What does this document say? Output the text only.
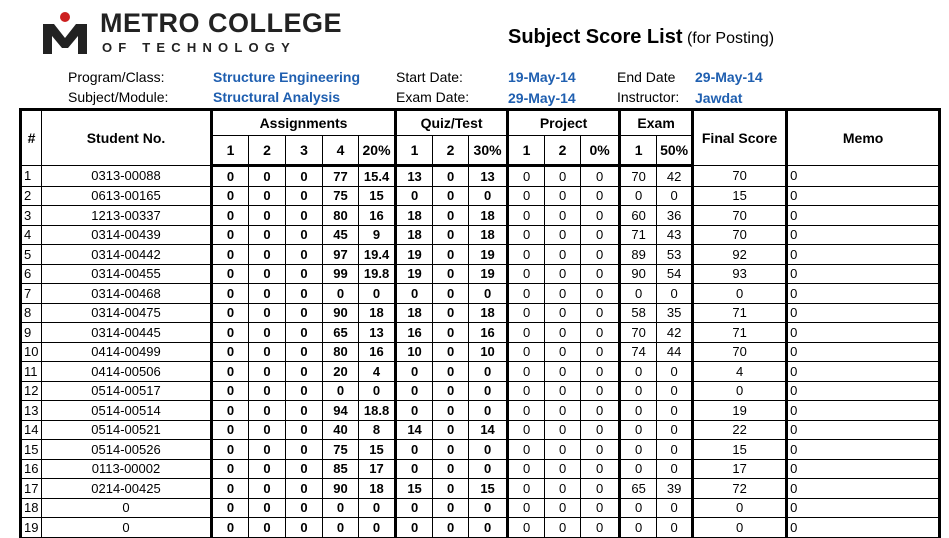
METRO COLLEGE
OF TECHNOLOGY	Subject Score List (for Posting)
Program/Class:	Structure Engineering
Subject/Module:	Structural Analysis
Start Date:	19-May-14
Exam Date:	29-May-14
End Date 29-May-14
Instructor: Jawdat
#	Student No.	Assignments					Quiz/Test			Project			Exam		Final Score	Memo
		1	2	3	4	20%	1	2	30%	1	2	0%	1	50%		
1	0313-00088	0	0	0	77	15.4	13	0	13	0	0	0	70	42	70	0
2	0613-00165	0	0	0	75	15	0	0	0	0	0	0	0	0	15	0
3	1213-00337	0	0	0	80	16	18	0	18	0	0	0	60	36	70	0
4	0314-00439	0	0	0	45	9	18	0	18	0	0	0	71	43	70	0
5	0314-00442	0	0	0	97	19.4	19	0	19	0	0	0	89	53	92	0
6	0314-00455	0	0	0	99	19.8	19	0	19	0	0	0	90	54	93	0
7	0314-00468	0	0	0	0	0	0	0	0	0	0	0	0	0	0	0
8	0314-00475	0	0	0	90	18	18	0	18	0	0	0	58	35	71	0
9	0314-00445	0	0	0	65	13	16	0	16	0	0	0	70	42	71	0
10	0414-00499	0	0	0	80	16	10	0	10	0	0	0	74	44	70	0
11	0414-00506	0	0	0	20	4	0	0	0	0	0	0	0	0	4	0
12	0514-00517	0	0	0	0	0	0	0	0	0	0	0	0	0	0	0
13	0514-00514	0	0	0	94	18.8	0	0	0	0	0	0	0	0	19	0
14	0514-00521	0	0	0	40	8	14	0	14	0	0	0	0	0	22	0
15	0514-00526	0	0	0	75	15	0	0	0	0	0	0	0	0	15	0
16	0113-00002	0	0	0	85	17	0	0	0	0	0	0	0	0	17	0
17	0214-00425	0	0	0	90	18	15	0	15	0	0	0	65	39	72	0
18	0	0	0	0	0	0	0	0	0	0	0	0	0	0	0	0
19	0	0	0	0	0	0	0	0	0	0	0	0	0	0	0	0
